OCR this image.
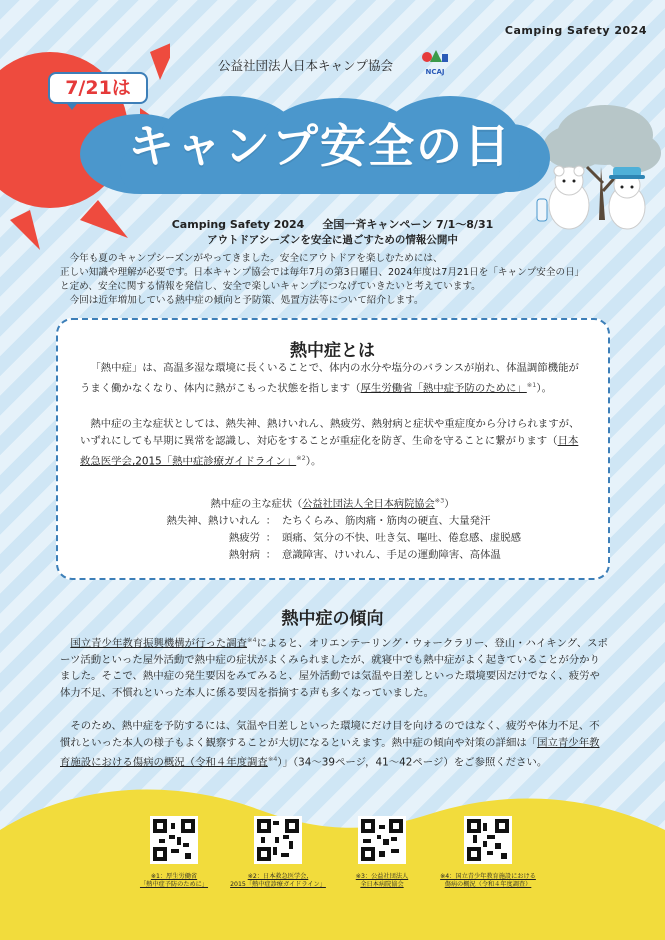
Camping Safety 2024
公益社団法人日本キャンプ協会	NCAJ
7/21は
キャンプ安全の日
Camping Safety 2024 全国一斉キャンペーン 7/1〜8/31
アウトドアシーズンを安全に過ごすための情報公開中

今年も夏のキャンプシーズンがやってきました。安全にアウトドアを楽しむためには、

正しい知識や理解が必要です。日本キャンプ協会では毎年7月の第3日曜日、2024年度は7月21日を「キャンプ安全の日」

と定め、安全に関する情報を発信し、安全で楽しいキャンプにつなげていきたいと考えています。

今回は近年増加している熱中症の傾向と予防策、処置方法等について紹介します。

熱中症とは
「熱中症」は、高温多湿な環境に長くいることで、体内の水分や塩分のバランスが崩れ、体温調節機能がうまく働かなくなり、体内に熱がこもった状態を指します（厚生労働省「熱中症予防のために」$^{※1}$）。
熱中症の主な症状としては、熱失神、熱けいれん、熱疲労、熱射病と症状や重症度から分けられますが、いずれにしても早期に異常を認識し、対応をすることが重症化を防ぎ、生命を守ることに繋がります（日本救急医学会,2015「熱中症診療ガイドライン」$^{※2}$）。
熱中症の主な症状（公益社団法人全日本病院協会$^{※3}$）
熱失神、熱けいれん ： たちくらみ、筋肉痛・筋肉の硬直、大量発汗
熱疲労 ： 頭痛、気分の不快、吐き気、嘔吐、倦怠感、虚脱感
熱射病 ： 意識障害、けいれん、手足の運動障害、高体温
熱中症の傾向
国立青少年教育振興機構が行った調査$^{※4}$によると、オリエンテーリング・ウォークラリー、登山・ハイキング、スポーツ活動といった屋外活動で熱中症の症状がよくみられましたが、就寝中でも熱中症がよく起きていることが分かりました。そこで、熱中症の発生要因をみてみると、屋外活動では気温や日差しといった環境要因だけでなく、疲労や体力不足、不慣れといった本人に係る要因を指摘する声も多くなっていました。
そのため、熱中症を予防するには、気温や日差しといった環境にだけ目を向けるのではなく、疲労や体力不足、不慣れといった本人の様子もよく観察することが大切になるといえます。熱中症の傾向や対策の詳細は「国立青少年教育施設における傷病の概況（令和４年度調査$^{※4}$）」（34〜39ページ，41〜42ページ）をご参照ください。
※1：厚生労働省
「熱中症予防のために」
※2：日本救急医学会,
2015「熱中症診療ガイドライン」
※3：公益社団法人
全日本病院協会
※4：国立青少年教育施設における
傷病の概況（令和４年度調査）
